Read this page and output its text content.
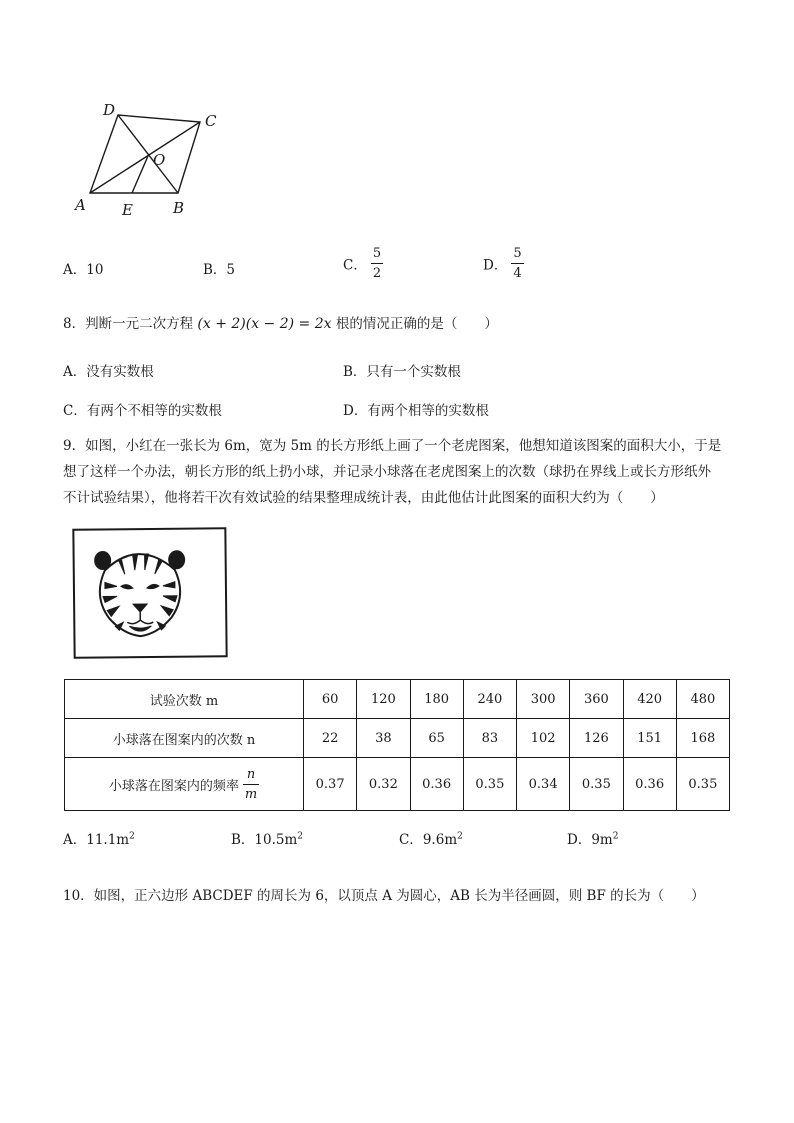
A	B
C
D
O
E
A．10	B．5	C． $\frac{5}{2}$	D． $\frac{5}{4}$
8．判断一元二次方程 (x + 2)(x − 2) = 2x 根的情况正确的是（　　）
A．没有实数根	B．只有一个实数根
C．有两个不相等的实数根	D．有两个相等的实数根
9．如图，小红在一张长为 6m，宽为 5m 的长方形纸上画了一个老虎图案，他想知道该图案的面积大小，于是
想了这样一个办法，朝长方形的纸上扔小球，并记录小球落在老虎图案上的次数（球扔在界线上或长方形纸外
不计试验结果），他将若干次有效试验的结果整理成统计表，由此他估计此图案的面积大约为（　　）
试验次数 m	60	120	180	240	300	360	420	480
小球落在图案内的次数 n	22	38	65	83	102	126	151	168
小球落在图案内的频率 $\frac{n}{m}$	0.37	0.32	0.36	0.35	0.34	0.35	0.36	0.35
A．$11.1m^2$	B．$10.5m^2$	C．$9.6m^2$	D．$9m^2$
10．如图，正六边形 ABCDEF 的周长为 6，以顶点 A 为圆心，AB 长为半径画圆，则 BF 的长为（　　）
